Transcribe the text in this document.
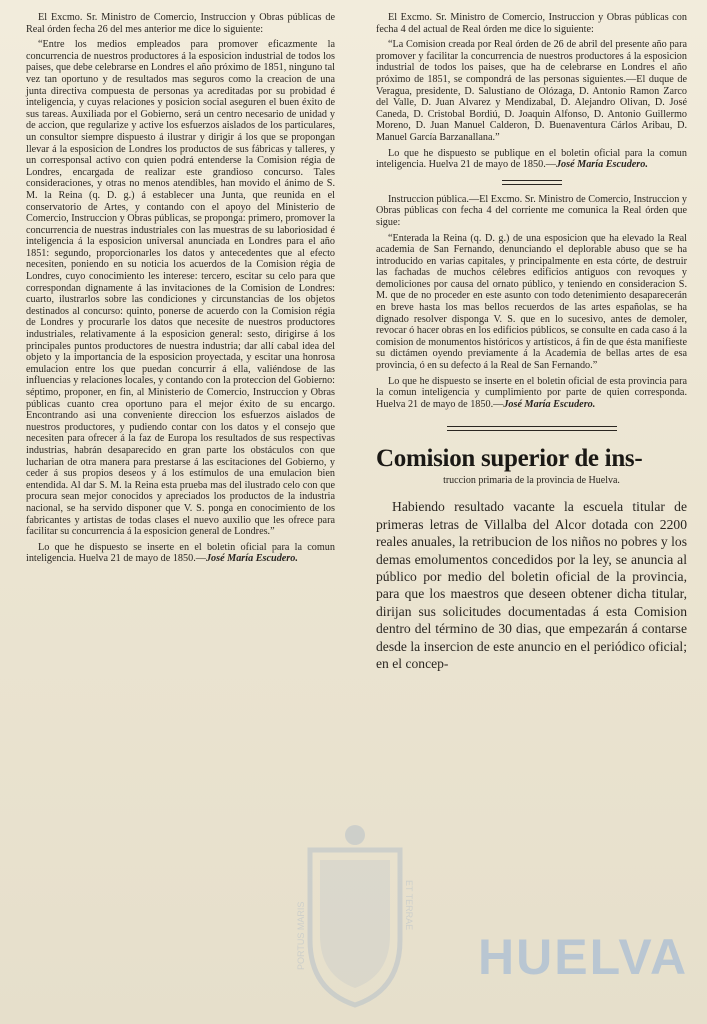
El Excmo. Sr. Ministro de Comercio, Instruccion y Obras públicas de Real órden fecha 26 del mes anterior me dice lo siguiente:

“Entre los medios empleados para promover eficazmente la concurrencia de nuestros productores á la esposicion industrial de todos los paises, que debe celebrarse en Londres el año próximo de 1851, ninguno tal vez tan oportuno y de resultados mas seguros como la creacion de una junta directiva compuesta de personas ya acreditadas por su probidad é inteligencia, y cuyas relaciones y posicion social aseguren el buen éxito de sus tareas. Auxiliada por el Gobierno, será un centro necesario de unidad y de accion, que regularize y active los esfuerzos aislados de los particulares, un consultor siempre dispuesto á ilustrar y dirigir á los que se propongan llevar á la esposicion de Londres los productos de sus fábricas y talleres, y un corresponsal activo con quien podrá entenderse la Comision régia de Londres, encargada de realizar este grandioso concurso. Tales consideraciones, y otras no menos atendibles, han movido el ánimo de S. M. la Reina (q. D. g.) á establecer una Junta, que reunida en el conservatorio de Artes, y contando con el apoyo del Ministerio de Comercio, Instruccion y Obras públicas, se proponga: primero, promover la concurrencia de nuestras industriales con las muestras de su laboriosidad é inteligencia á la esposicion universal anunciada en Londres para el año 1851: segundo, proporcionarles los datos y antecedentes que al efecto necesiten, poniendo en su noticia los acuerdos de la Comision régia de Londres, cuyo conocimiento les interese: tercero, escitar su celo para que correspondan dignamente á las invitaciones de la Comision de Londres: cuarto, ilustrarlos sobre las condiciones y circunstancias de los objetos destinados al concurso: quinto, ponerse de acuerdo con la Comision régia de Londres y procurarle los datos que necesite de nuestros productores industriales, relativamente á la esposicion general: sesto, dirigirse á los principales puntos productores de nuestra industria; dar allí cabal idea del objeto y la importancia de la esposicion proyectada, y escitar una honrosa emulacion entre los que puedan concurrir á ella, valiéndose de las influencias y relaciones locales, y contando con la proteccion del Gobierno: séptimo, proponer, en fin, al Ministerio de Comercio, Instruccion y Obras públicas cuanto crea oportuno para el mejor éxito de su encargo. Encontrando asi una conveniente direccion los esfuerzos aislados de nuestros productores, y pudiendo contar con los datos y el consejo que necesiten para ofrecer á la faz de Europa los resultados de sus respectivas industrias, habrán desaparecido en gran parte los obstáculos con que lucharian de otra manera para prestarse á las escitaciones del Gobierno, y ceder á sus propios deseos y á los estímulos de una emulacion bien entendida. Al dar S. M. la Reina esta prueba mas del ilustrado celo con que procura sean mejor conocidos y apreciados los productos de la industria nacional, se ha servido disponer que V. S. ponga en conocimiento de los fabricantes y artistas de todas clases el nuevo auxilio que les ofrece para facilitar su concurrencia á la esposicion general de Londres.”

Lo que he dispuesto se inserte en el boletin oficial para la comun inteligencia. Huelva 21 de mayo de 1850.—José María Escudero.

El Excmo. Sr. Ministro de Comercio, Instruccion y Obras públicas con fecha 4 del actual de Real órden me dice lo siguiente:

“La Comision creada por Real órden de 26 de abril del presente año para promover y facilitar la concurrencia de nuestros productores á la esposicion industrial de todos los paises, que ha de celebrarse en Londres el año próximo de 1851, se compondrá de las personas siguientes.—El duque de Veragua, presidente, D. Salustiano de Olózaga, D. Antonio Ramon Zarco del Valle, D. Juan Alvarez y Mendizabal, D. Alejandro Olivan, D. José Caneda, D. Cristobal Bordiú, D. Joaquin Alfonso, D. Antonio Guillermo Moreno, D. Juan Manuel Calderon, D. Buenaventura Cárlos Aribau, D. Manuel García Barzanallana.”

Lo que he dispuesto se publique en el boletin oficial para la comun inteligencia. Huelva 21 de mayo de 1850.—José María Escudero.

Instruccion pública.—El Excmo. Sr. Ministro de Comercio, Instruccion y Obras públicas con fecha 4 del corriente me comunica la Real órden que sigue:

“Enterada la Reina (q. D. g.) de una esposicion que ha elevado la Real academia de San Fernando, denunciando el deplorable abuso que se ha introducido en varias capitales, y principalmente en esta córte, de destruir las fachadas de muchos célebres edificios antiguos con revoques y demoliciones por causa del ornato público, y teniendo en consideracion S. M. que de no proceder en este asunto con todo detenimiento desaparecerán en breve hasta los mas bellos recuerdos de las artes españolas, se ha dignado resolver disponga V. S. que en lo sucesivo, antes de demoler, revocar ó hacer obras en los edificios públicos, se consulte en cada caso á la comision de monumentos históricos y artísticos, á fin de que ésta manifieste su dictámen oyendo previamente á la Academia de bellas artes de esa provincia, ó en su defecto á la Real de San Fernando.”

Lo que he dispuesto se inserte en el boletin oficial de esta provincia para la comun inteligencia y cumplimiento por parte de quien corresponda. Huelva 21 de mayo de 1850.—José María Escudero.

Comision superior de ins-

truccion primaria de la provincia de Huelva.

Habiendo resultado vacante la escuela titular de primeras letras de Villalba del Alcor dotada con 2200 reales anuales, la retribucion de los niños no pobres y los demas emolumentos concedidos por la ley, se anuncia al público por medio del boletin oficial de la provincia, para que los maestros que deseen obtener dicha titular, dirijan sus solicitudes documentadas á esta Comision dentro del término de 30 dias, que empezarán á contarse desde la insercion de este anuncio en el periódico oficial; en el concep-

PORTUS MARIS	ET TERRAE
HUELVA
